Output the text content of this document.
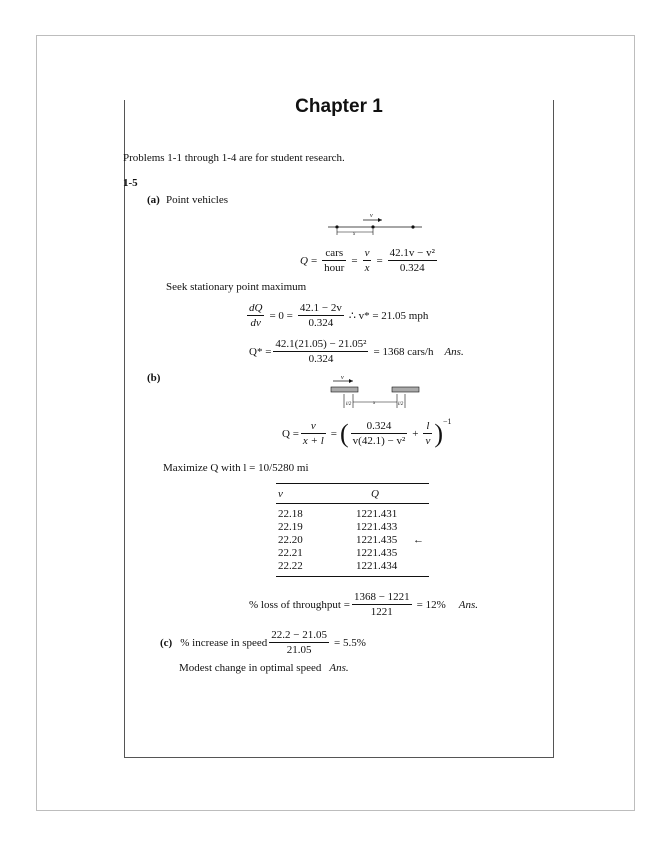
Chapter 1
Problems 1-1 through 1-4 are for student research.
1-5
(a) Point vehicles
v
x
$Q = \frac{\text{cars}}{\text{hour}} = \frac{v}{x} = \frac{\text{42.1v − v²}}{0.324}$
Seek stationary point maximum
$\frac{dQ}{dv} = 0 = \frac{42.1 - 2v}{0.324}$ ∴ v* = 21.05 mph
$Q* = \frac{\text{42.1(21.05) − 21.05²}}{0.324} = 1368$ cars/h Ans.
(b)	v
l/2	x	l/2
$Q = \frac{v}{x + l}$ = ( $\frac{0.324}{\text{v(42.1) − v²}} + \frac{l}{v}$ ) −1
Maximize Q with l = 10/5280 mi
v	Q
22.18	1221.431
22.19	1221.433
22.20	1221.435 ←
22.21	1221.435
22.22	1221.434
% loss of throughput = $\frac{1368 - 1221}{1221} = 12\%$ Ans.
(c) % increase in speed $\frac{22.2 - 21.05}{21.05} = 5.5\%$
Modest change in optimal speed Ans.
